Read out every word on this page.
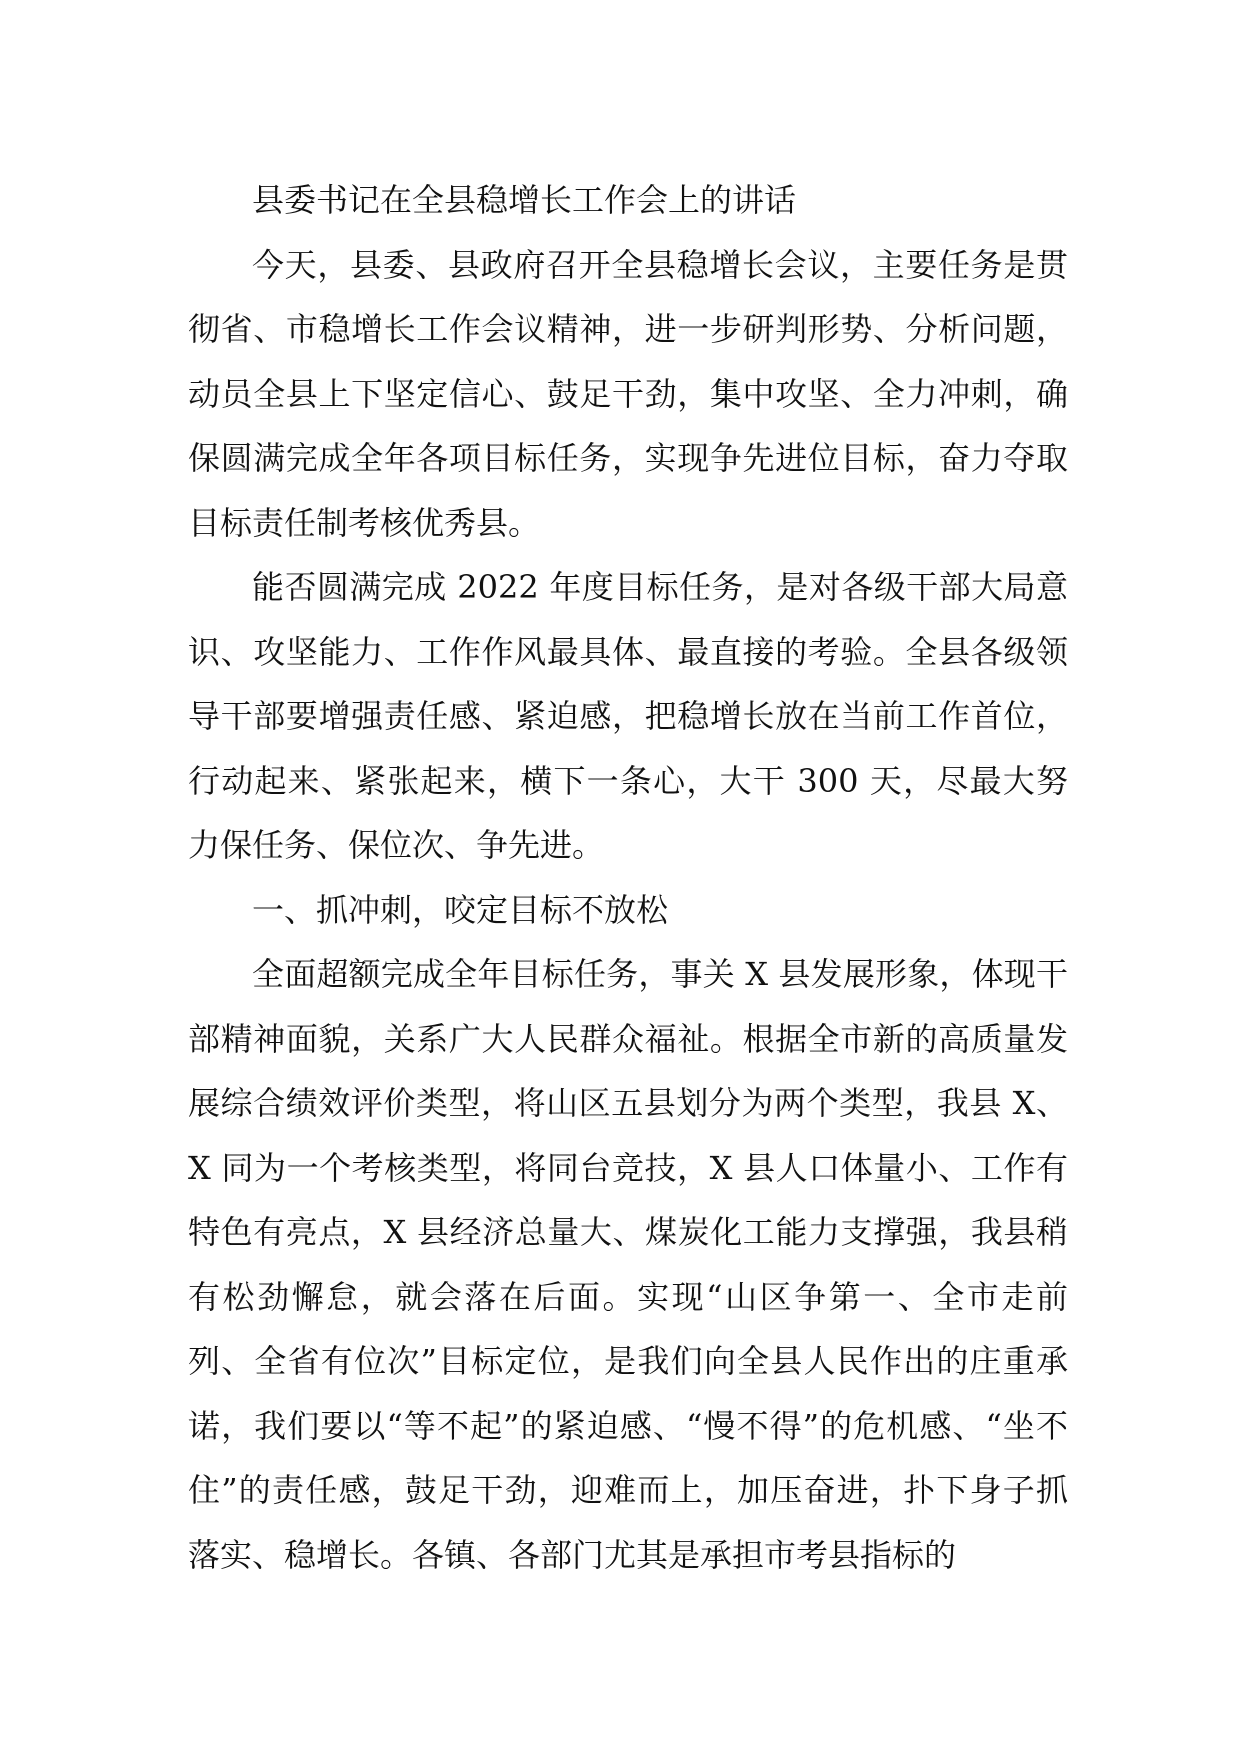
县委书记在全县稳增长工作会上的讲话

今天，县委、县政府召开全县稳增长会议，主要任务是贯彻省、市稳增长工作会议精神，进一步研判形势、分析问题，动员全县上下坚定信心、鼓足干劲，集中攻坚、全力冲刺，确保圆满完成全年各项目标任务，实现争先进位目标，奋力夺取目标责任制考核优秀县。

能否圆满完成 2022 年度目标任务，是对各级干部大局意识、攻坚能力、工作作风最具体、最直接的考验。全县各级领导干部要增强责任感、紧迫感，把稳增长放在当前工作首位，行动起来、紧张起来，横下一条心，大干 300 天，尽最大努力保任务、保位次、争先进。

一、抓冲刺，咬定目标不放松

全面超额完成全年目标任务，事关 X 县发展形象，体现干部精神面貌，关系广大人民群众福祉。根据全市新的高质量发展综合绩效评价类型，将山区五县划分为两个类型，我县 X、X 同为一个考核类型，将同台竞技，X 县人口体量小、工作有特色有亮点，X 县经济总量大、煤炭化工能力支撑强，我县稍有松劲懈怠，就会落在后面。实现“山区争第一、全市走前列、全省有位次”目标定位，是我们向全县人民作出的庄重承诺，我们要以“等不起”的紧迫感、“慢不得”的危机感、“坐不住”的责任感，鼓足干劲，迎难而上，加压奋进，扑下身子抓落实、稳增长。各镇、各部门尤其是承担市考县指标的
